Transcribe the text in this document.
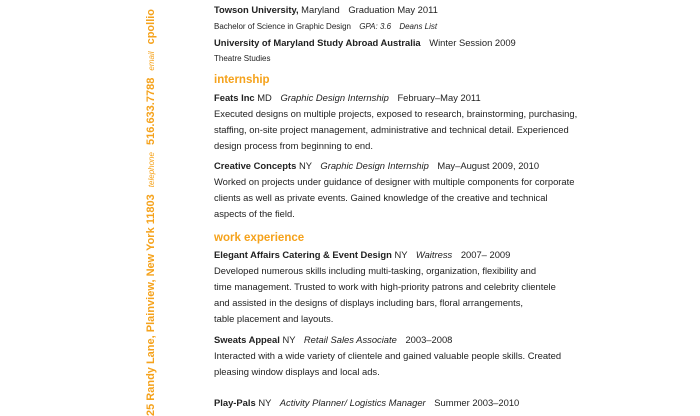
25 Randy Lane, Plainview, New York 11803 telephone 516.633.7788 email cpollio	Towson University, Maryland Graduation May 2011
Bachelor of Science in Graphic Design GPA: 3.6 Deans List
University of Maryland Study Abroad Australia Winter Session 2009
Theatre Studies
internship
Feats Inc MD Graphic Design Internship February–May 2011
Executed designs on multiple projects, exposed to research, brainstorming, purchasing,
staffing, on-site project management, administrative and technical detail. Experienced
design process from beginning to end.
Creative Concepts NY Graphic Design Internship May–August 2009, 2010
Worked on projects under guidance of designer with multiple components for corporate
clients as well as private events. Gained knowledge of the creative and technical
aspects of the field.
work experience
Elegant Affairs Catering & Event Design NY Waitress 2007– 2009
Developed numerous skills including multi-tasking, organization, flexibility and
time management. Trusted to work with high-priority patrons and celebrity clientele
and assisted in the designs of displays including bars, floral arrangements,
table placement and layouts.
Sweats Appeal NY Retail Sales Associate 2003–2008
Interacted with a wide variety of clientele and gained valuable people skills. Created
pleasing window displays and local ads.
Play-Pals NY Activity Planner/ Logistics Manager Summer 2003–2010
